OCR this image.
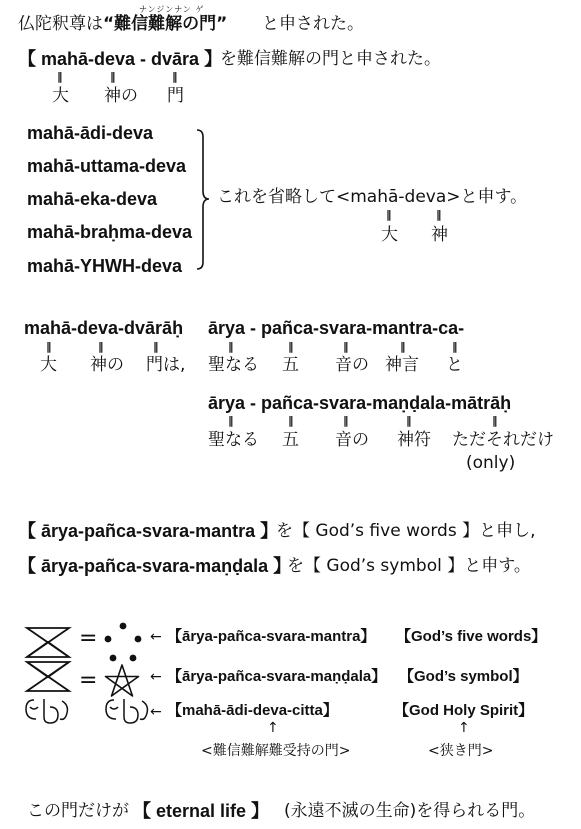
ナンジンナン ゲ
仏陀釈尊は “難信難解の門” と申された。
【 mahā-deva - dvāra 】
を難信難解の門と申された。
‖	‖	‖
大 神の 門
mahā-ādi-deva
mahā-uttama-deva
mahā-eka-deva
mahā-braḥma-deva
mahā-YHWH-deva
これを省略して<mahā-deva>と申す。
‖	‖
大 神
mahā-deva-dvārāḥ
‖	‖	‖
大 神の 門は,
ārya - pañca-svara-mantra-ca-
‖	‖	‖	‖	‖
聖なる 五 音の 神言 と
ārya - pañca-svara-maṇḍala-mātrāḥ
‖	‖	‖	‖	‖
聖なる 五 音の 神符 ただそれだけ
(only)
【 ārya-pañca-svara-mantra 】
を【 God’s five words 】と申し,
【 ārya-pañca-svara-maṇḍala 】
を【 God’s symbol 】と申す。
=
=
←
←
←
【ārya-pañca-svara-mantra】 【God’s five words】
【ārya-pañca-svara-maṇḍala】 【God’s symbol】
【mahā-ādi-deva-citta】	【God Holy Spirit】
↑	↑
<難信難解難受持の門>	<狭き門>
この門だけが 【 eternal life 】 (永遠不滅の生命)を得られる門。
